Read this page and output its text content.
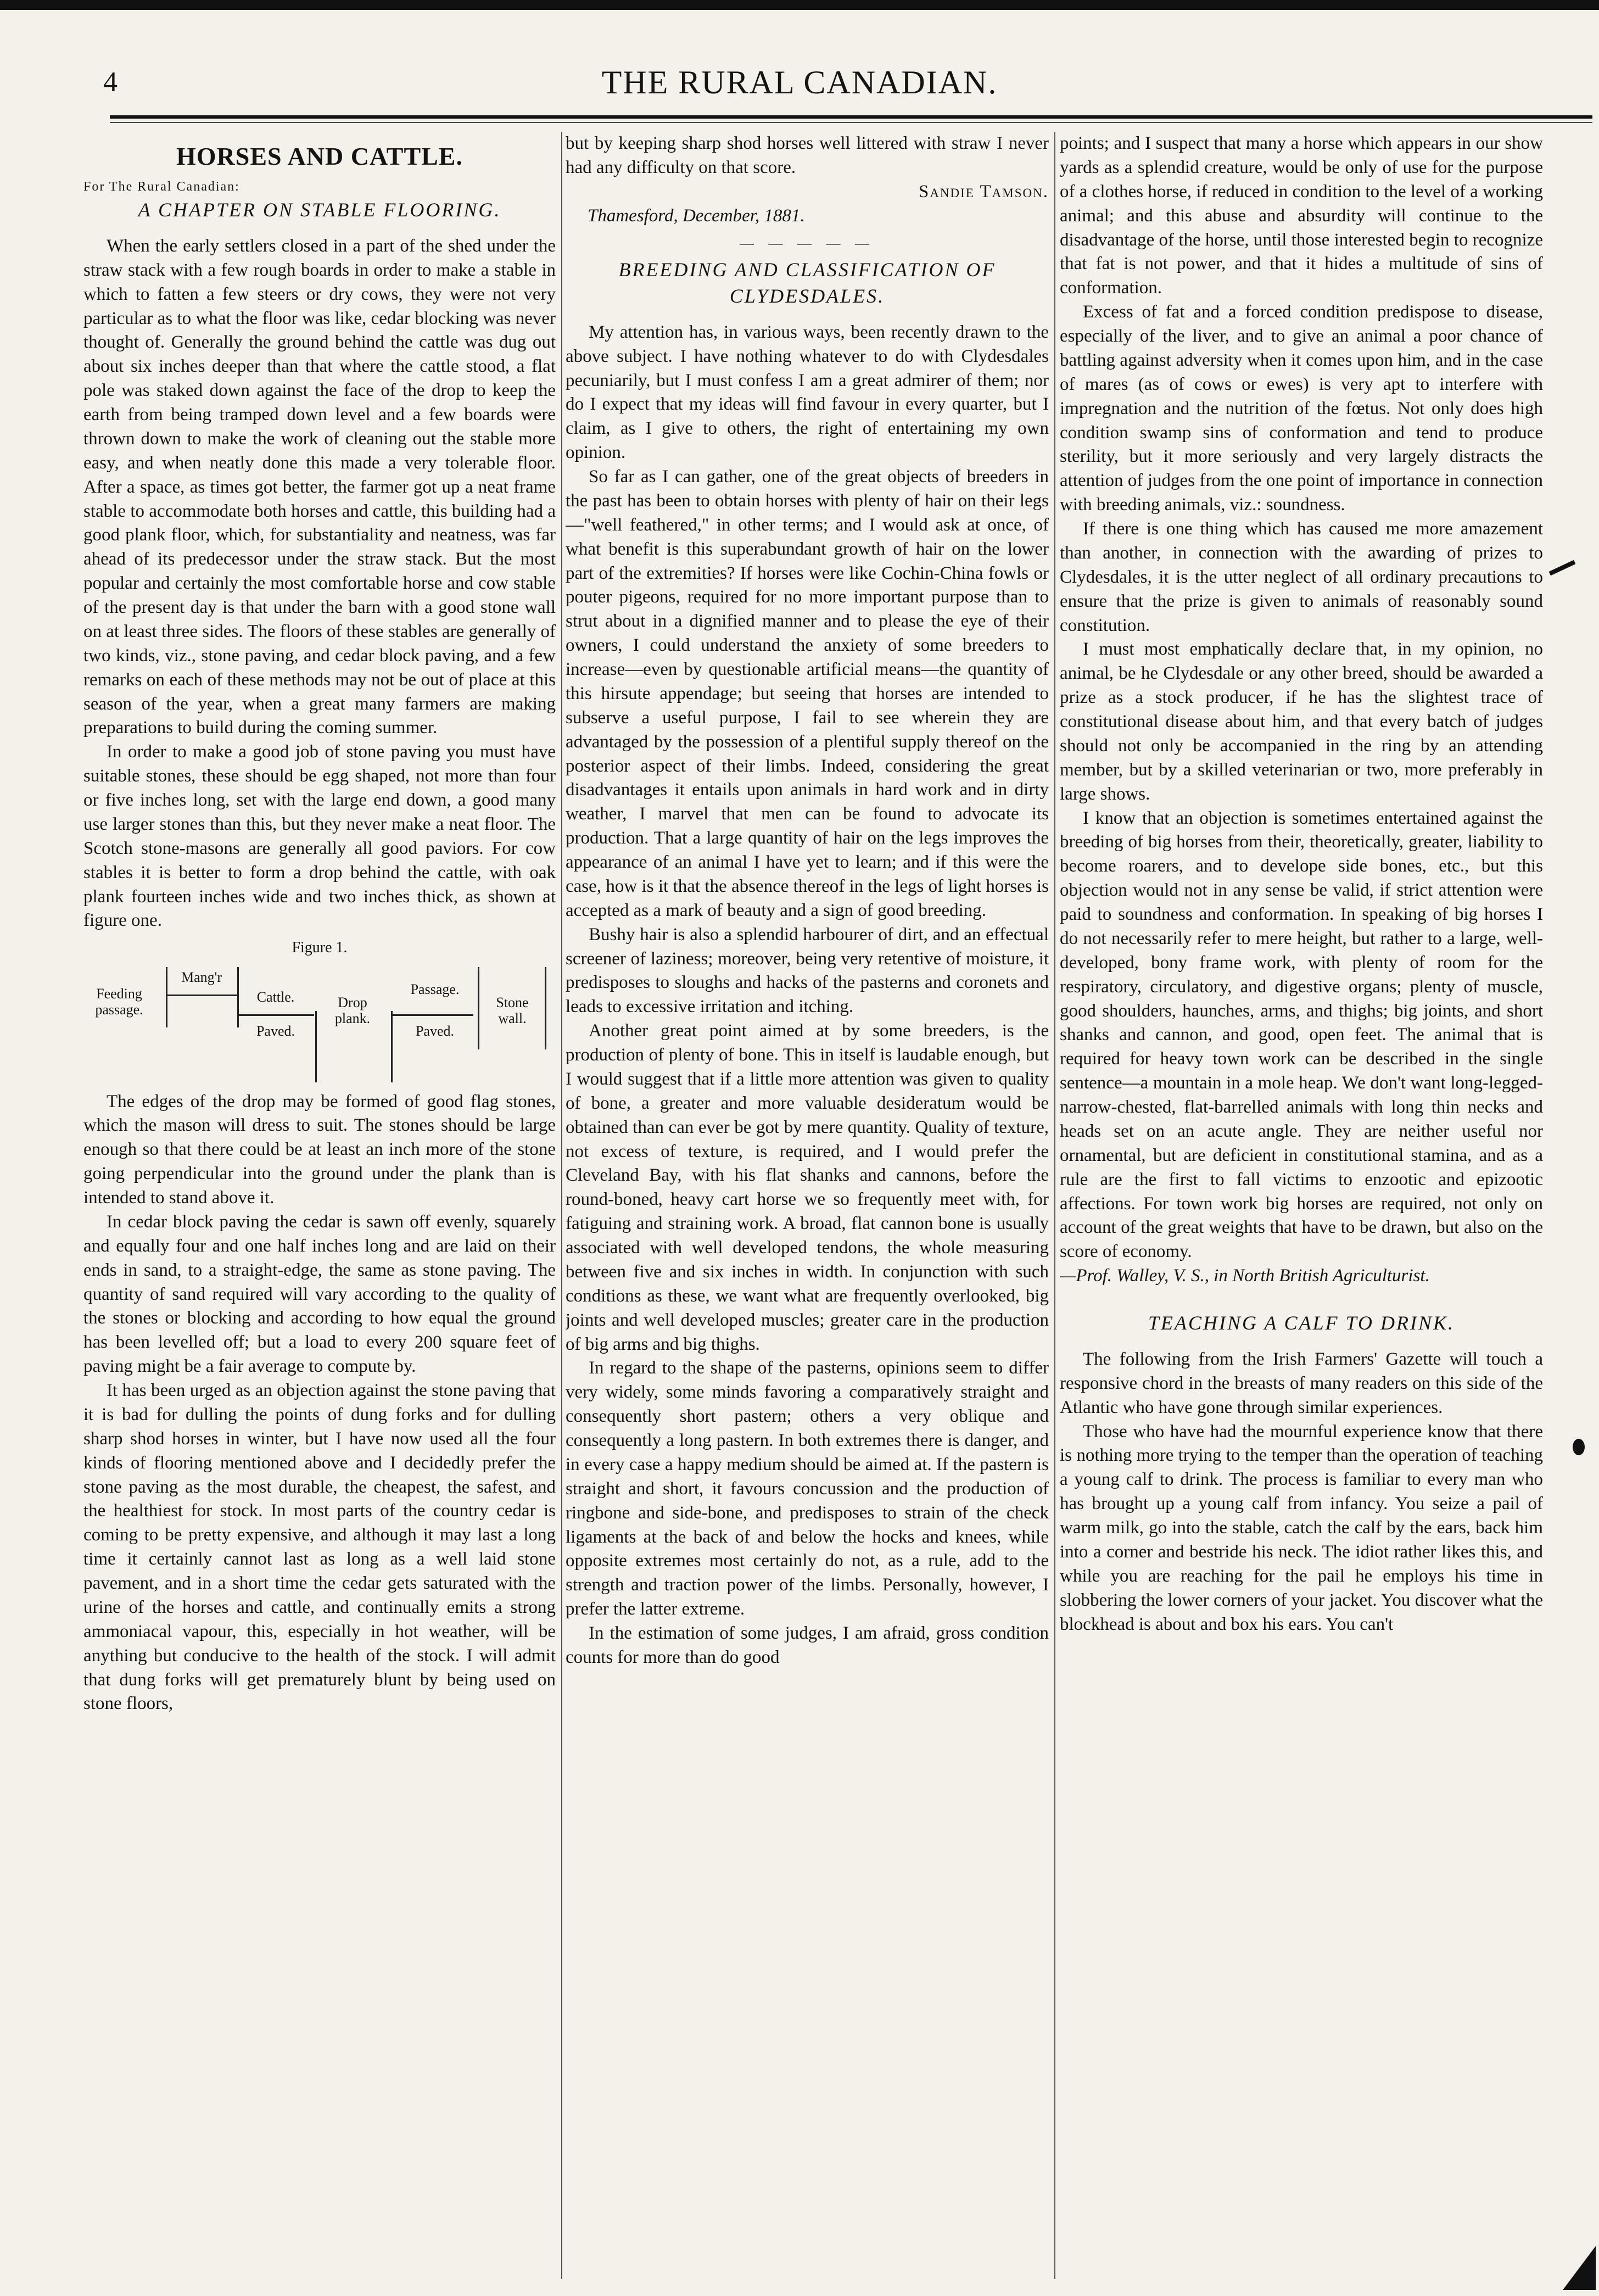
4	THE RURAL CANADIAN.
HORSES AND CATTLE.
For The Rural Canadian:
A CHAPTER ON STABLE FLOORING.

When the early settlers closed in a part of the shed under the straw stack with a few rough boards in order to make a stable in which to fatten a few steers or dry cows, they were not very particular as to what the floor was like, cedar blocking was never thought of. Generally the ground behind the cattle was dug out about six inches deeper than that where the cattle stood, a flat pole was staked down against the face of the drop to keep the earth from being tramped down level and a few boards were thrown down to make the work of cleaning out the stable more easy, and when neatly done this made a very tolerable floor. After a space, as times got better, the farmer got up a neat frame stable to accommodate both horses and cattle, this building had a good plank floor, which, for substantiality and neatness, was far ahead of its predecessor under the straw stack. But the most popular and certainly the most comfortable horse and cow stable of the present day is that under the barn with a good stone wall on at least three sides. The floors of these stables are generally of two kinds, viz., stone paving, and cedar block paving, and a few remarks on each of these methods may not be out of place at this season of the year, when a great many farmers are making preparations to build during the coming summer.

In order to make a good job of stone paving you must have suitable stones, these should be egg shaped, not more than four or five inches long, set with the large end down, a good many use larger stones than this, but they never make a neat floor. The Scotch stone-masons are generally all good paviors. For cow stables it is better to form a drop behind the cattle, with oak plank fourteen inches wide and two inches thick, as shown at figure one.

Figure 1.
Feeding passage.
Mang'r
Cattle.
Paved.
Drop plank.
Passage.
Paved.
Stone wall.

The edges of the drop may be formed of good flag stones, which the mason will dress to suit. The stones should be large enough so that there could be at least an inch more of the stone going perpendicular into the ground under the plank than is intended to stand above it.

In cedar block paving the cedar is sawn off evenly, squarely and equally four and one half inches long and are laid on their ends in sand, to a straight-edge, the same as stone paving. The quantity of sand required will vary according to the quality of the stones or blocking and according to how equal the ground has been levelled off; but a load to every 200 square feet of paving might be a fair average to compute by.

It has been urged as an objection against the stone paving that it is bad for dulling the points of dung forks and for dulling sharp shod horses in winter, but I have now used all the four kinds of flooring mentioned above and I decidedly prefer the stone paving as the most durable, the cheapest, the safest, and the healthiest for stock. In most parts of the country cedar is coming to be pretty expensive, and although it may last a long time it certainly cannot last as long as a well laid stone pavement, and in a short time the cedar gets saturated with the urine of the horses and cattle, and continually emits a strong ammoniacal vapour, this, especially in hot weather, will be anything but conducive to the health of the stock. I will admit that dung forks will get prematurely blunt by being used on stone floors,

but by keeping sharp shod horses well littered with straw I never had any difficulty on that score.

Sandie Tamson.
Thamesford, December, 1881.
— — — — —
BREEDING AND CLASSIFICATION OF CLYDESDALES.

My attention has, in various ways, been recently drawn to the above subject. I have nothing whatever to do with Clydesdales pecuniarily, but I must confess I am a great admirer of them; nor do I expect that my ideas will find favour in every quarter, but I claim, as I give to others, the right of entertaining my own opinion.

So far as I can gather, one of the great objects of breeders in the past has been to obtain horses with plenty of hair on their legs—"well feathered," in other terms; and I would ask at once, of what benefit is this superabundant growth of hair on the lower part of the extremities? If horses were like Cochin-China fowls or pouter pigeons, required for no more important purpose than to strut about in a dignified manner and to please the eye of their owners, I could understand the anxiety of some breeders to increase—even by questionable artificial means—the quantity of this hirsute appendage; but seeing that horses are intended to subserve a useful purpose, I fail to see wherein they are advantaged by the possession of a plentiful supply thereof on the posterior aspect of their limbs. Indeed, considering the great disadvantages it entails upon animals in hard work and in dirty weather, I marvel that men can be found to advocate its production. That a large quantity of hair on the legs improves the appearance of an animal I have yet to learn; and if this were the case, how is it that the absence thereof in the legs of light horses is accepted as a mark of beauty and a sign of good breeding.

Bushy hair is also a splendid harbourer of dirt, and an effectual screener of laziness; moreover, being very retentive of moisture, it predisposes to sloughs and hacks of the pasterns and coronets and leads to excessive irritation and itching.

Another great point aimed at by some breeders, is the production of plenty of bone. This in itself is laudable enough, but I would suggest that if a little more attention was given to quality of bone, a greater and more valuable desideratum would be obtained than can ever be got by mere quantity. Quality of texture, not excess of texture, is required, and I would prefer the Cleveland Bay, with his flat shanks and cannons, before the round-boned, heavy cart horse we so frequently meet with, for fatiguing and straining work. A broad, flat cannon bone is usually associated with well developed tendons, the whole measuring between five and six inches in width. In conjunction with such conditions as these, we want what are frequently overlooked, big joints and well developed muscles; greater care in the production of big arms and big thighs.

In regard to the shape of the pasterns, opinions seem to differ very widely, some minds favoring a comparatively straight and consequently short pastern; others a very oblique and consequently a long pastern. In both extremes there is danger, and in every case a happy medium should be aimed at. If the pastern is straight and short, it favours concussion and the production of ringbone and side-bone, and predisposes to strain of the check ligaments at the back of and below the hocks and knees, while opposite extremes most certainly do not, as a rule, add to the strength and traction power of the limbs. Personally, however, I prefer the latter extreme.

In the estimation of some judges, I am afraid, gross condition counts for more than do good

points; and I suspect that many a horse which appears in our show yards as a splendid creature, would be only of use for the purpose of a clothes horse, if reduced in condition to the level of a working animal; and this abuse and absurdity will continue to the disadvantage of the horse, until those interested begin to recognize that fat is not power, and that it hides a multitude of sins of conformation.

Excess of fat and a forced condition predispose to disease, especially of the liver, and to give an animal a poor chance of battling against adversity when it comes upon him, and in the case of mares (as of cows or ewes) is very apt to interfere with impregnation and the nutrition of the fœtus. Not only does high condition swamp sins of conformation and tend to produce sterility, but it more seriously and very largely distracts the attention of judges from the one point of importance in connection with breeding animals, viz.: soundness.

If there is one thing which has caused me more amazement than another, in connection with the awarding of prizes to Clydesdales, it is the utter neglect of all ordinary precautions to ensure that the prize is given to animals of reasonably sound constitution.

I must most emphatically declare that, in my opinion, no animal, be he Clydesdale or any other breed, should be awarded a prize as a stock producer, if he has the slightest trace of constitutional disease about him, and that every batch of judges should not only be accompanied in the ring by an attending member, but by a skilled veterinarian or two, more preferably in large shows.

I know that an objection is sometimes entertained against the breeding of big horses from their, theoretically, greater, liability to become roarers, and to develope side bones, etc., but this objection would not in any sense be valid, if strict attention were paid to soundness and conformation. In speaking of big horses I do not necessarily refer to mere height, but rather to a large, well-developed, bony frame work, with plenty of room for the respiratory, circulatory, and digestive organs; plenty of muscle, good shoulders, haunches, arms, and thighs; big joints, and short shanks and cannon, and good, open feet. The animal that is required for heavy town work can be described in the single sentence—a mountain in a mole heap. We don't want long-legged-narrow-chested, flat-barrelled animals with long thin necks and heads set on an acute angle. They are neither useful nor ornamental, but are deficient in constitutional stamina, and as a rule are the first to fall victims to enzootic and epizootic affections. For town work big horses are required, not only on account of the great weights that have to be drawn, but also on the score of economy.

—Prof. Walley, V. S., in North British Agriculturist.

TEACHING A CALF TO DRINK.

The following from the Irish Farmers' Gazette will touch a responsive chord in the breasts of many readers on this side of the Atlantic who have gone through similar experiences.

Those who have had the mournful experience know that there is nothing more trying to the temper than the operation of teaching a young calf to drink. The process is familiar to every man who has brought up a young calf from infancy. You seize a pail of warm milk, go into the stable, catch the calf by the ears, back him into a corner and bestride his neck. The idiot rather likes this, and while you are reaching for the pail he employs his time in slobbering the lower corners of your jacket. You discover what the blockhead is about and box his ears. You can't
